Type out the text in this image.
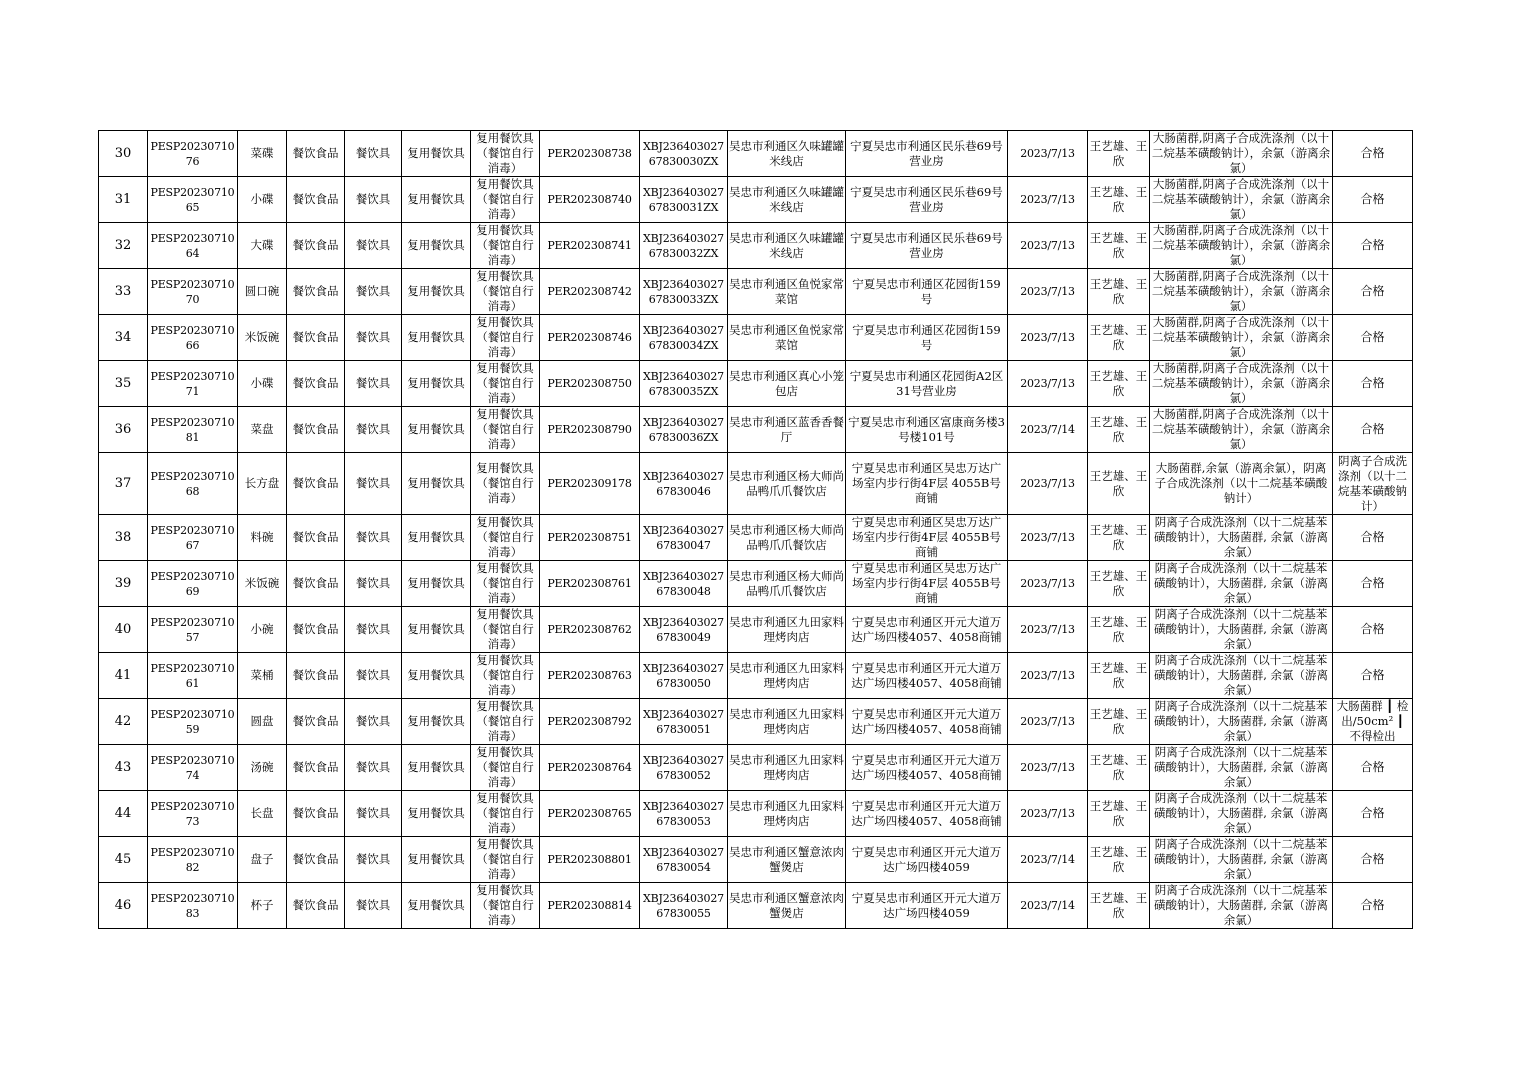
30	PESP20230710 76	菜碟	餐饮食品	餐饮具	复用餐饮具	复用餐饮具（餐馆自行消毒）	PER202308738	XBJ236403027 67830030ZX	吴忠市利通区久味罐罐米线店	宁夏吴忠市利通区民乐巷69号营业房	2023/7/13	王艺雄、王欣	大肠菌群,阴离子合成洗涤剂（以十二烷基苯磺酸钠计），余氯（游离余氯）	合格
31	PESP20230710 65	小碟	餐饮食品	餐饮具	复用餐饮具	复用餐饮具（餐馆自行消毒）	PER202308740	XBJ236403027 67830031ZX	吴忠市利通区久味罐罐米线店	宁夏吴忠市利通区民乐巷69号营业房	2023/7/13	王艺雄、王欣	大肠菌群,阴离子合成洗涤剂（以十二烷基苯磺酸钠计），余氯（游离余氯）	合格
32	PESP20230710 64	大碟	餐饮食品	餐饮具	复用餐饮具	复用餐饮具（餐馆自行消毒）	PER202308741	XBJ236403027 67830032ZX	吴忠市利通区久味罐罐米线店	宁夏吴忠市利通区民乐巷69号营业房	2023/7/13	王艺雄、王欣	大肠菌群,阴离子合成洗涤剂（以十二烷基苯磺酸钠计），余氯（游离余氯）	合格
33	PESP20230710 70	圆口碗	餐饮食品	餐饮具	复用餐饮具	复用餐饮具（餐馆自行消毒）	PER202308742	XBJ236403027 67830033ZX	吴忠市利通区鱼悦家常菜馆	宁夏吴忠市利通区花园街159号	2023/7/13	王艺雄、王欣	大肠菌群,阴离子合成洗涤剂（以十二烷基苯磺酸钠计），余氯（游离余氯）	合格
34	PESP20230710 66	米饭碗	餐饮食品	餐饮具	复用餐饮具	复用餐饮具（餐馆自行消毒）	PER202308746	XBJ236403027 67830034ZX	吴忠市利通区鱼悦家常菜馆	宁夏吴忠市利通区花园街159号	2023/7/13	王艺雄、王欣	大肠菌群,阴离子合成洗涤剂（以十二烷基苯磺酸钠计），余氯（游离余氯）	合格
35	PESP20230710 71	小碟	餐饮食品	餐饮具	复用餐饮具	复用餐饮具（餐馆自行消毒）	PER202308750	XBJ236403027 67830035ZX	吴忠市利通区真心小笼包店	宁夏吴忠市利通区花园街A2区31号营业房	2023/7/13	王艺雄、王欣	大肠菌群,阴离子合成洗涤剂（以十二烷基苯磺酸钠计），余氯（游离余氯）	合格
36	PESP20230710 81	菜盘	餐饮食品	餐饮具	复用餐饮具	复用餐饮具（餐馆自行消毒）	PER202308790	XBJ236403027 67830036ZX	吴忠市利通区蓝香香餐厅	宁夏吴忠市利通区富康商务楼3号楼101号	2023/7/14	王艺雄、王欣	大肠菌群,阴离子合成洗涤剂（以十二烷基苯磺酸钠计），余氯（游离余氯）	合格
37	PESP20230710 68	长方盘	餐饮食品	餐饮具	复用餐饮具	复用餐饮具（餐馆自行消毒）	PER202309178	XBJ236403027 67830046	吴忠市利通区杨大师尚品鸭爪爪餐饮店	宁夏吴忠市利通区吴忠万达广场室内步行街4F层 4055B号商铺	2023/7/13	王艺雄、王欣	大肠菌群,余氯（游离余氯），阴离子合成洗涤剂（以十二烷基苯磺酸钠计）	阴离子合成洗涤剂（以十二烷基苯磺酸钠计）
38	PESP20230710 67	料碗	餐饮食品	餐饮具	复用餐饮具	复用餐饮具（餐馆自行消毒）	PER202308751	XBJ236403027 67830047	吴忠市利通区杨大师尚品鸭爪爪餐饮店	宁夏吴忠市利通区吴忠万达广场室内步行街4F层 4055B号商铺	2023/7/13	王艺雄、王欣	阴离子合成洗涤剂（以十二烷基苯磺酸钠计），大肠菌群, 余氯（游离余氯）	合格
39	PESP20230710 69	米饭碗	餐饮食品	餐饮具	复用餐饮具	复用餐饮具（餐馆自行消毒）	PER202308761	XBJ236403027 67830048	吴忠市利通区杨大师尚品鸭爪爪餐饮店	宁夏吴忠市利通区吴忠万达广场室内步行街4F层 4055B号商铺	2023/7/13	王艺雄、王欣	阴离子合成洗涤剂（以十二烷基苯磺酸钠计），大肠菌群, 余氯（游离余氯）	合格
40	PESP20230710 57	小碗	餐饮食品	餐饮具	复用餐饮具	复用餐饮具（餐馆自行消毒）	PER202308762	XBJ236403027 67830049	吴忠市利通区九田家料理烤肉店	宁夏吴忠市利通区开元大道万达广场四楼4057、4058商铺	2023/7/13	王艺雄、王欣	阴离子合成洗涤剂（以十二烷基苯磺酸钠计），大肠菌群, 余氯（游离余氯）	合格
41	PESP20230710 61	菜桶	餐饮食品	餐饮具	复用餐饮具	复用餐饮具（餐馆自行消毒）	PER202308763	XBJ236403027 67830050	吴忠市利通区九田家料理烤肉店	宁夏吴忠市利通区开元大道万达广场四楼4057、4058商铺	2023/7/13	王艺雄、王欣	阴离子合成洗涤剂（以十二烷基苯磺酸钠计），大肠菌群, 余氯（游离余氯）	合格
42	PESP20230710 59	圆盘	餐饮食品	餐饮具	复用餐饮具	复用餐饮具（餐馆自行消毒）	PER202308792	XBJ236403027 67830051	吴忠市利通区九田家料理烤肉店	宁夏吴忠市利通区开元大道万达广场四楼4057、4058商铺	2023/7/13	王艺雄、王欣	阴离子合成洗涤剂（以十二烷基苯磺酸钠计），大肠菌群, 余氯（游离余氯）	大肠菌群 ┃ 检出/50cm² ┃ 不得检出
43	PESP20230710 74	汤碗	餐饮食品	餐饮具	复用餐饮具	复用餐饮具（餐馆自行消毒）	PER202308764	XBJ236403027 67830052	吴忠市利通区九田家料理烤肉店	宁夏吴忠市利通区开元大道万达广场四楼4057、4058商铺	2023/7/13	王艺雄、王欣	阴离子合成洗涤剂（以十二烷基苯磺酸钠计），大肠菌群, 余氯（游离余氯）	合格
44	PESP20230710 73	长盘	餐饮食品	餐饮具	复用餐饮具	复用餐饮具（餐馆自行消毒）	PER202308765	XBJ236403027 67830053	吴忠市利通区九田家料理烤肉店	宁夏吴忠市利通区开元大道万达广场四楼4057、4058商铺	2023/7/13	王艺雄、王欣	阴离子合成洗涤剂（以十二烷基苯磺酸钠计），大肠菌群, 余氯（游离余氯）	合格
45	PESP20230710 82	盘子	餐饮食品	餐饮具	复用餐饮具	复用餐饮具（餐馆自行消毒）	PER202308801	XBJ236403027 67830054	吴忠市利通区蟹意浓肉蟹煲店	宁夏吴忠市利通区开元大道万达广场四楼4059	2023/7/14	王艺雄、王欣	阴离子合成洗涤剂（以十二烷基苯磺酸钠计），大肠菌群, 余氯（游离余氯）	合格
46	PESP20230710 83	杯子	餐饮食品	餐饮具	复用餐饮具	复用餐饮具（餐馆自行消毒）	PER202308814	XBJ236403027 67830055	吴忠市利通区蟹意浓肉蟹煲店	宁夏吴忠市利通区开元大道万达广场四楼4059	2023/7/14	王艺雄、王欣	阴离子合成洗涤剂（以十二烷基苯磺酸钠计），大肠菌群, 余氯（游离余氯）	合格
